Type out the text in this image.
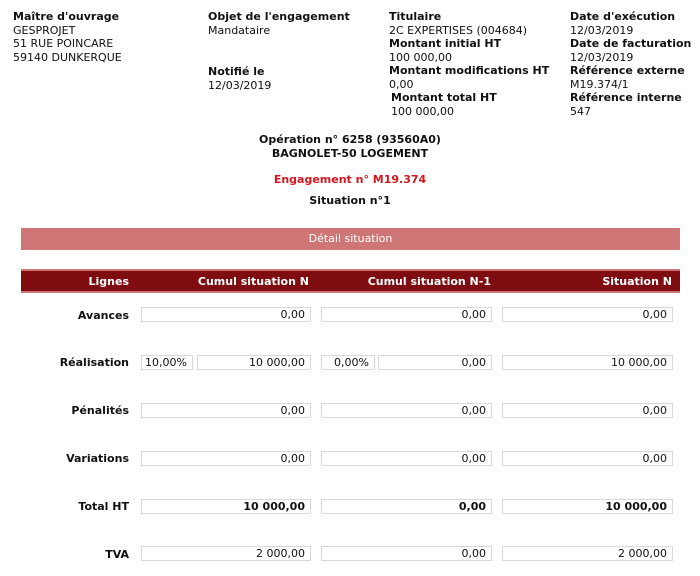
Maître d'ouvrage
GESPROJET
51 RUE POINCARE
59140 DUNKERQUE
Objet de l'engagement
Mandataire
Notifié le
12/03/2019
Titulaire
2C EXPERTISES (004684)
Montant initial HT
100 000,00
Montant modifications HT
0,00
Montant total HT
100 000,00
Date d'exécution
12/03/2019
Date de facturation
12/03/2019
Référence externe
M19.374/1
Référence interne
547
Opération n° 6258 (93560A0)
BAGNOLET-50 LOGEMENT
Engagement n° M19.374
Situation n°1
Détail situation
Lignes	Cumul situation N	Cumul situation N-1	Situation N
Avances	0,00	0,00	0,00
Réalisation	10,00%	10 000,00	0,00%	0,00	10 000,00
Pénalités	0,00	0,00	0,00
Variations	0,00	0,00	0,00
Total HT	10 000,00	0,00	10 000,00
TVA	2 000,00	0,00	2 000,00
